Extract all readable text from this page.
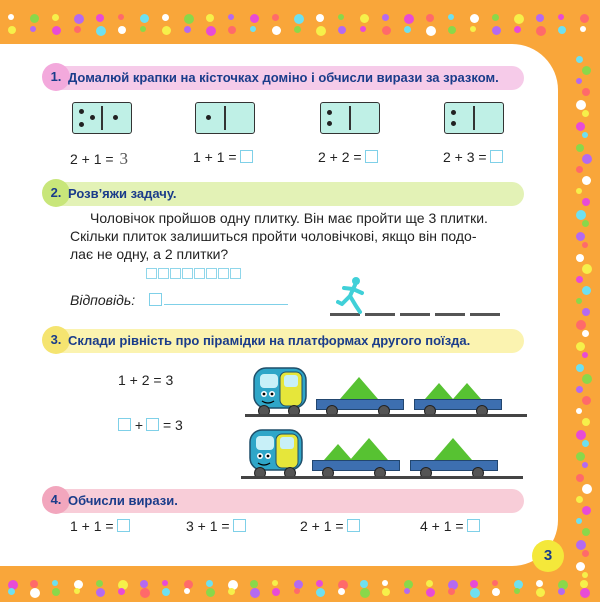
1. Домалюй крапки на кісточках доміно і обчисли вирази за зразком.
2 + 1 = 3	1 + 1 =	2 + 2 =	2 + 3 =
2. Розв’яжи задачу.
Чоловічок пройшов одну плитку. Він має пройти ще 3 плитки.
Скільки плиток залишиться пройти чоловічкові, якщо він подо-
лає не одну, а 2 плитки?
Відповідь:
3. Склади рівність про пірамідки на платформах другого поїзда.
1 + 2 = 3
+ = 3
4. Обчисли вирази.
1 + 1 =	3 + 1 =	2 + 1 =	4 + 1 =
3
